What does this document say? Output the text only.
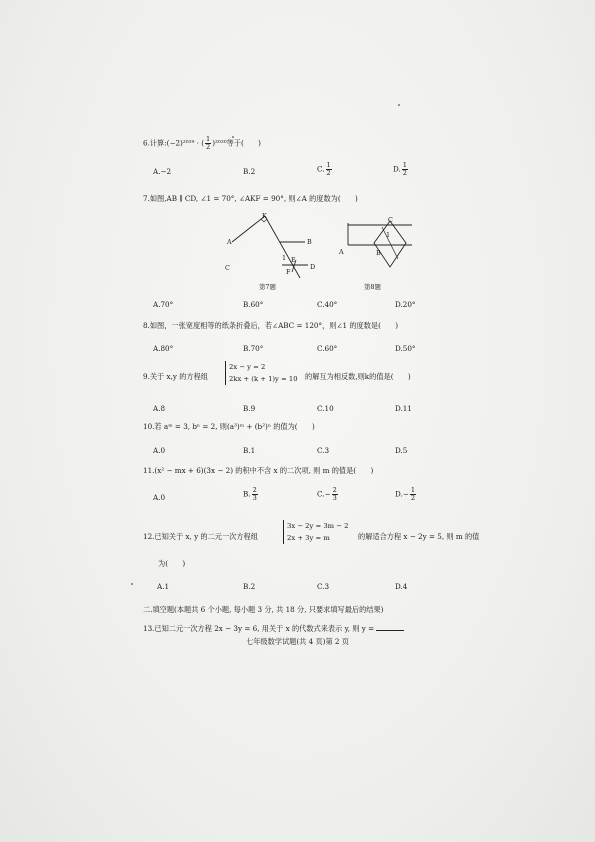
6.计算:(−2)²⁰¹⁹ · ( $\frac{1}{2} )^{2020}$等于(　　)
A.−2	B.2	C. $\frac{1}{2}$	D. $\frac{1}{2}$
7.如图,AB ∥ CD, ∠1 = 70°, ∠AKF = 90°, 则∠A 的度数为(　　)
A
K
B
C
1 E
F
D
第7题
A
C
1
B
第8题
A.70°	B.60°	C.40°	D.20°
8.如图，一张宽度相等的纸条折叠后，若∠ABC = 120°，则∠1 的度数是(　　)
A.80°	B.70°	C.60°	D.50°
9.关于 x,y 的方程组
2x − y = 2
2kx + (k + 1)y = 10 的解互为相反数,则k的值是(　　)
A.8	B.9	C.10	D.11
10.若 aᵐ = 3, bⁿ = 2, 则(a³)ᵐ + (b²)ⁿ 的值为(　　)
A.0	B.1	C.3	D.5
11.(x² − mx + 6)(3x − 2) 的积中不含 x 的二次项, 则 m 的值是(　　)
A.0	B. $\frac{2}{3}$	$C.- \frac{2}{3}$	$D.- \frac{1}{2}$
12.已知关于 x, y 的二元一次方程组
3x − 2y = 3m − 2
2x + 3y = m	的解适合方程 x − 2y = 5, 则 m 的值
为(　　)
A.1	B.2	C.3	D.4
二.填空题(本题共 6 个小题, 每小题 3 分, 共 18 分, 只要求填写最后的结果)
13.已知二元一次方程 2x − 3y = 6, 用关于 x 的代数式来表示 y, 则 y =
七年级数学试题(共 4 页)第 2 页
